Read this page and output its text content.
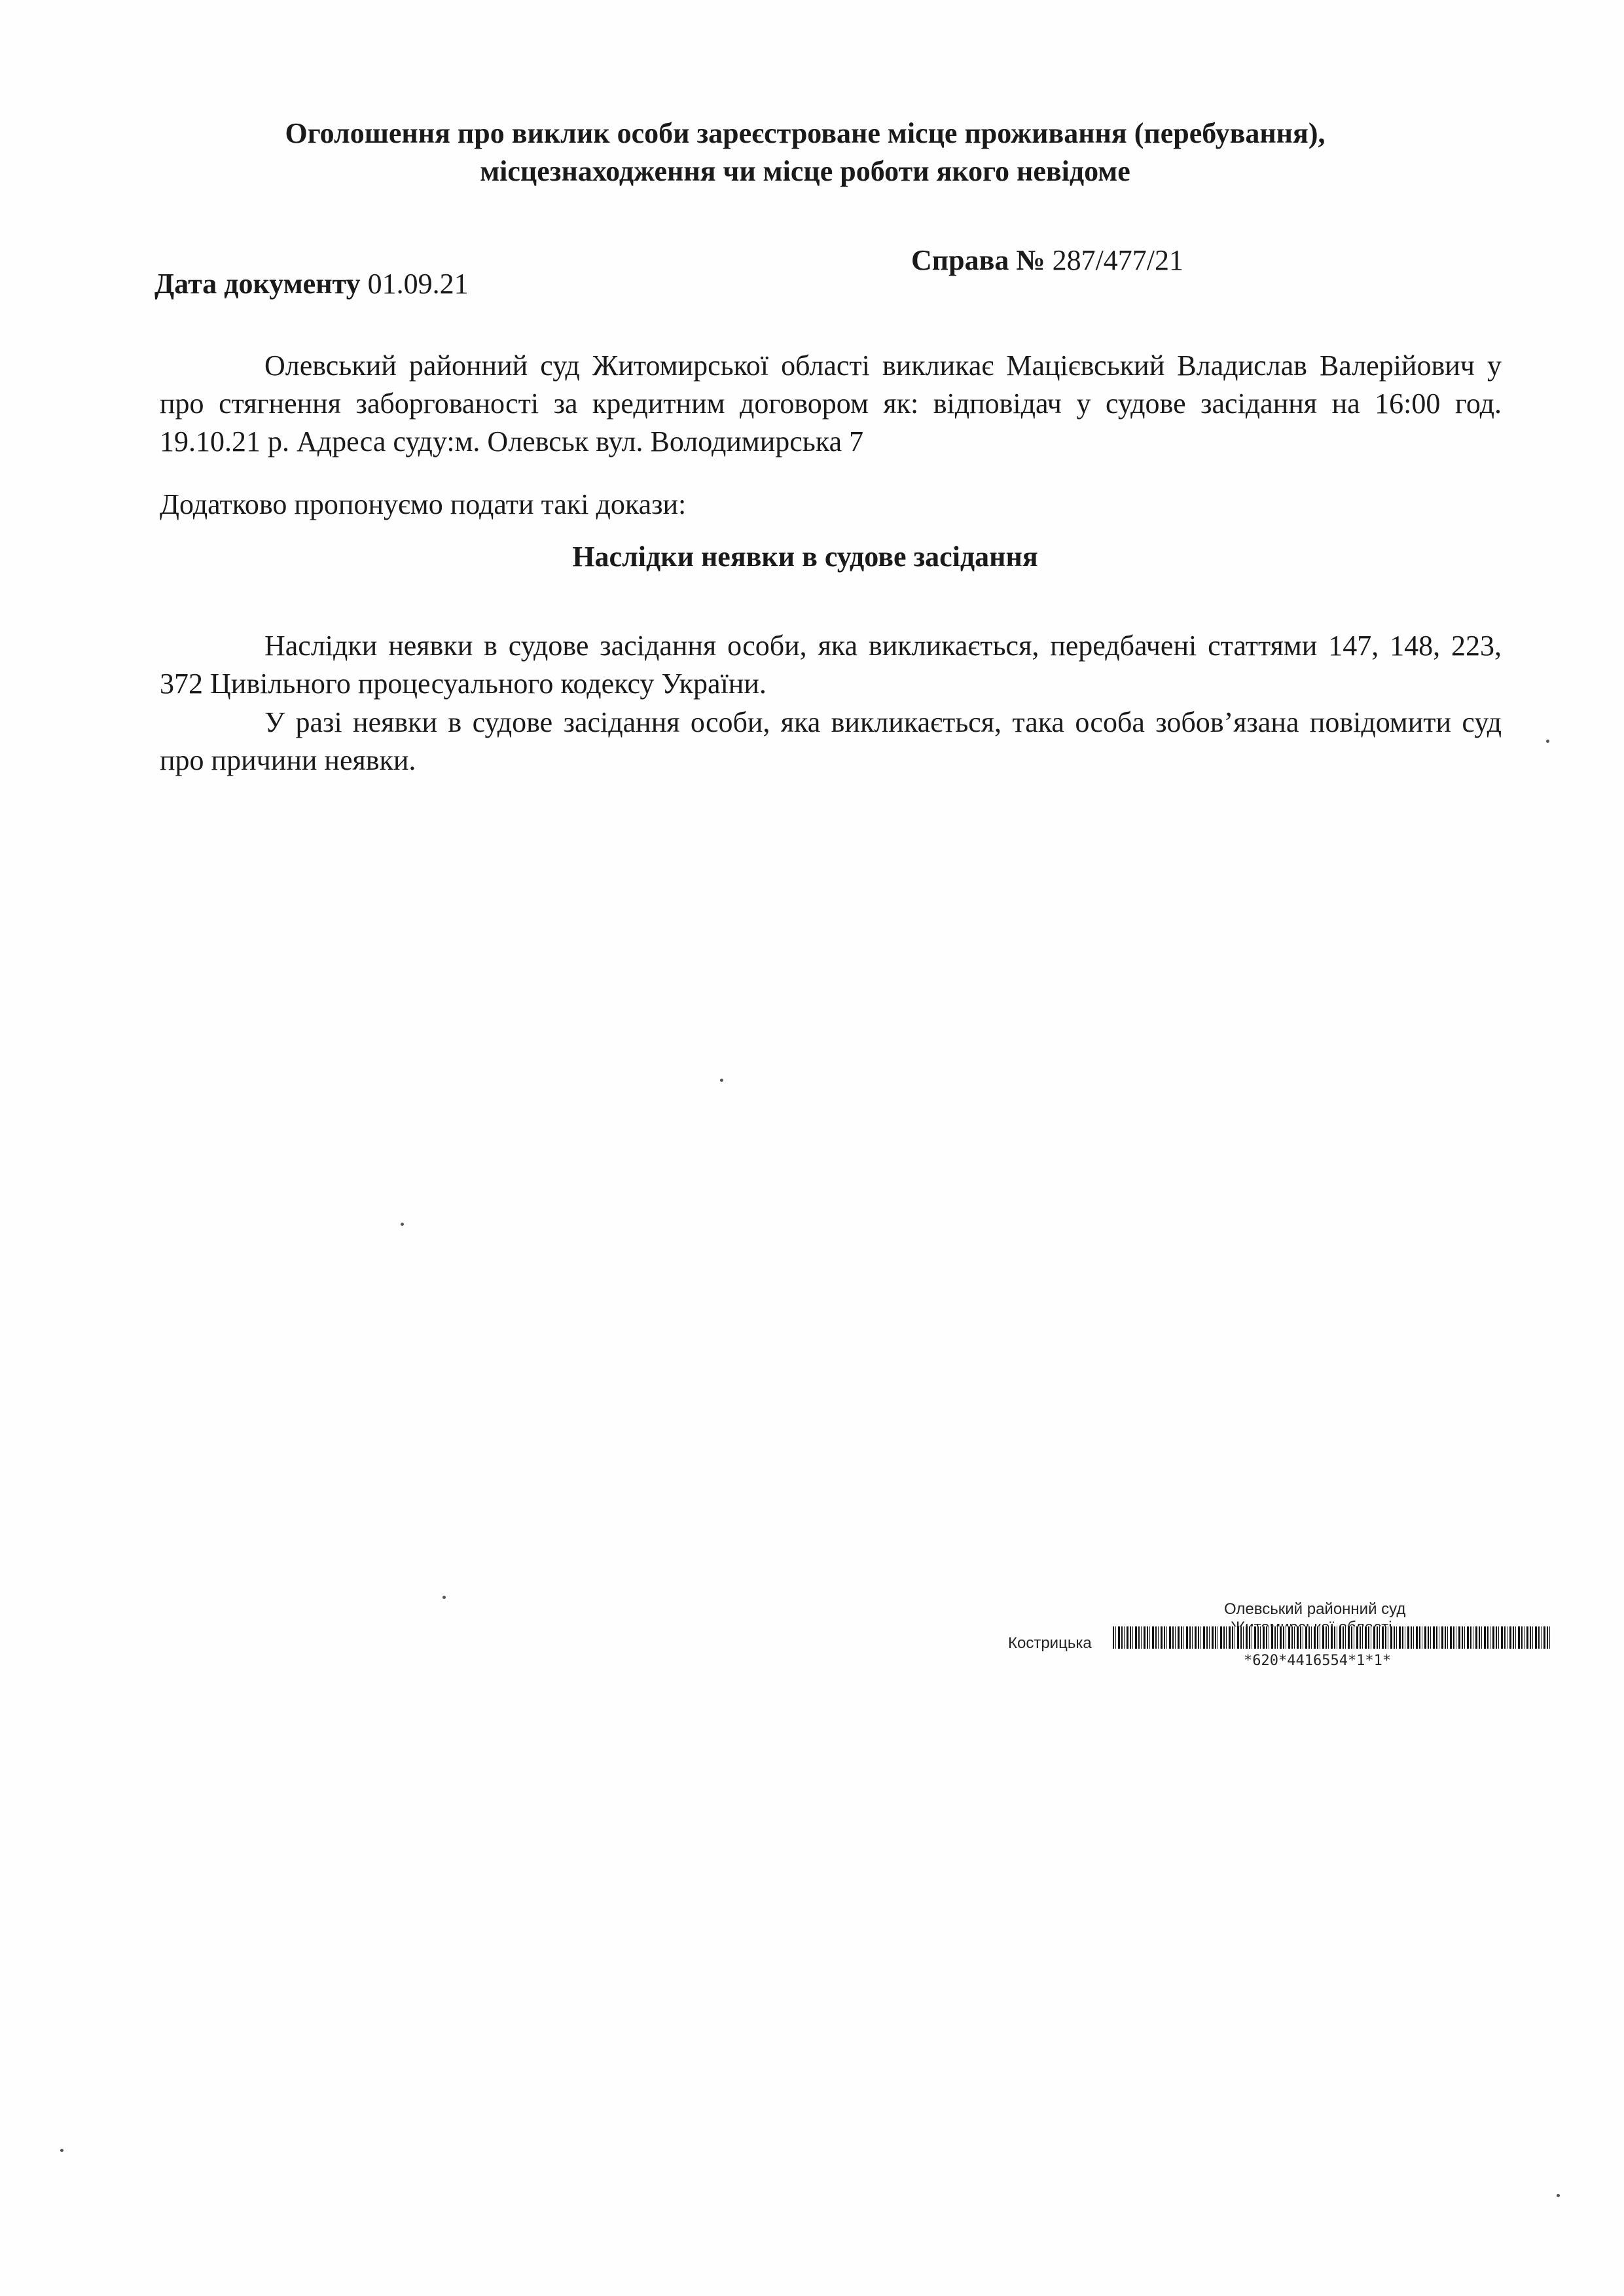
Оголошення про виклик особи зареєстроване місце проживання (перебування),
місцезнаходження чи місце роботи якого невідоме
Дата документу 01.09.21
Справа № 287/477/21
Олевський районний суд Житомирської області викликає Мацієвський Владислав Валерійович у про стягнення заборгованості за кредитним договором як: відповідач у судове засідання на 16:00 год. 19.10.21 р. Адреса суду:м. Олевськ вул. Володимирська 7
Додатково пропонуємо подати такі докази:
Наслідки неявки в судове засідання
Наслідки неявки в судове засідання особи, яка викликається, передбачені статтями 147, 148, 223, 372 Цивільного процесуального кодексу України.
У разі неявки в судове засідання особи, яка викликається, така особа зобов’язана повідомити суд про причини неявки.
Олевський районний суд
Кострицька
*620*4416554*1*1*
